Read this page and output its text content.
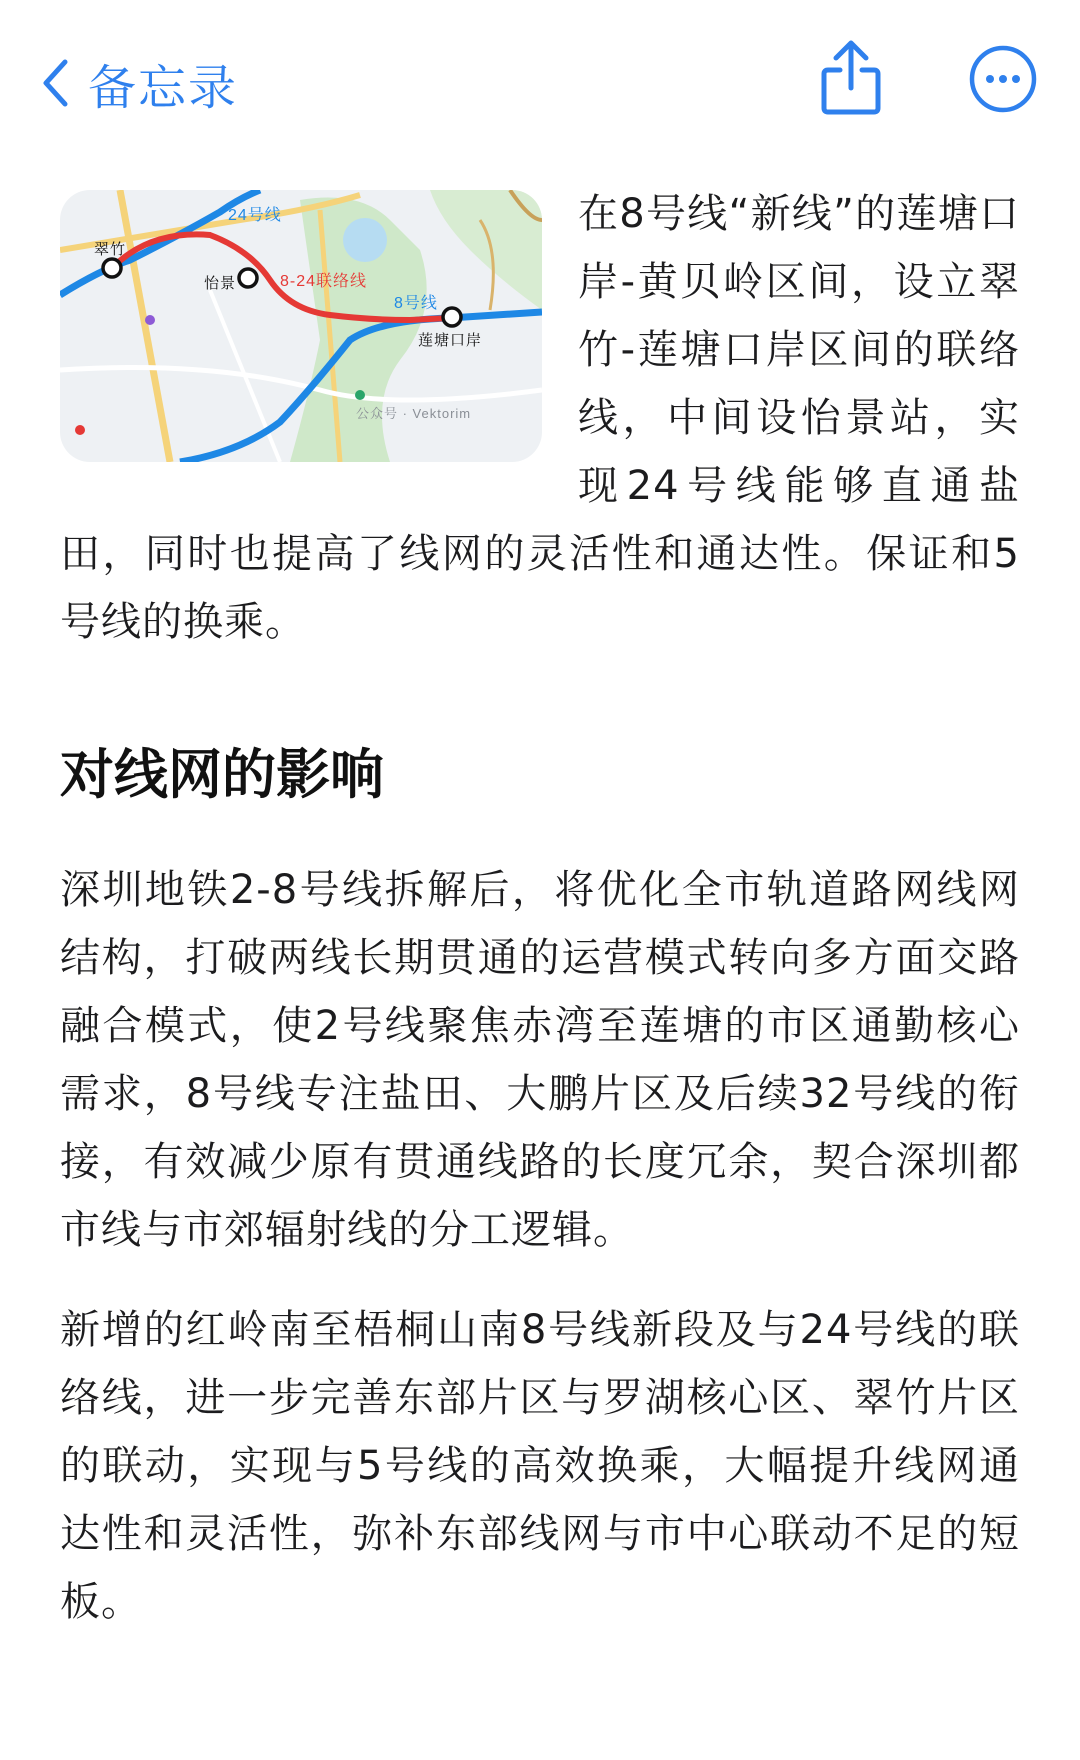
备忘录

24号线
8号线
8-24联络线
翠竹
怡景
莲塘口岸
公众号 · Vektorim
在8号线“新线”的莲塘口岸-黄贝岭区间，设立翠竹-莲塘口岸区间的联络线，中间设怡景站，实现24号线能够直通盐田，同时也提高了线网的灵活性和通达性。保证和5号线的换乘。

对线网的影响

深圳地铁2-8号线拆解后，将优化全市轨道路网线网结构，打破两线长期贯通的运营模式转向多方面交路融合模式，使2号线聚焦赤湾至莲塘的市区通勤核心需求，8号线专注盐田、大鹏片区及后续32号线的衔接，有效减少原有贯通线路的长度冗余，契合深圳都市线与市郊辐射线的分工逻辑。

新增的红岭南至梧桐山南8号线新段及与24号线的联络线，进一步完善东部片区与罗湖核心区、翠竹片区的联动，实现与5号线的高效换乘，大幅提升线网通达性和灵活性，弥补东部线网与市中心联动不足的短板。
